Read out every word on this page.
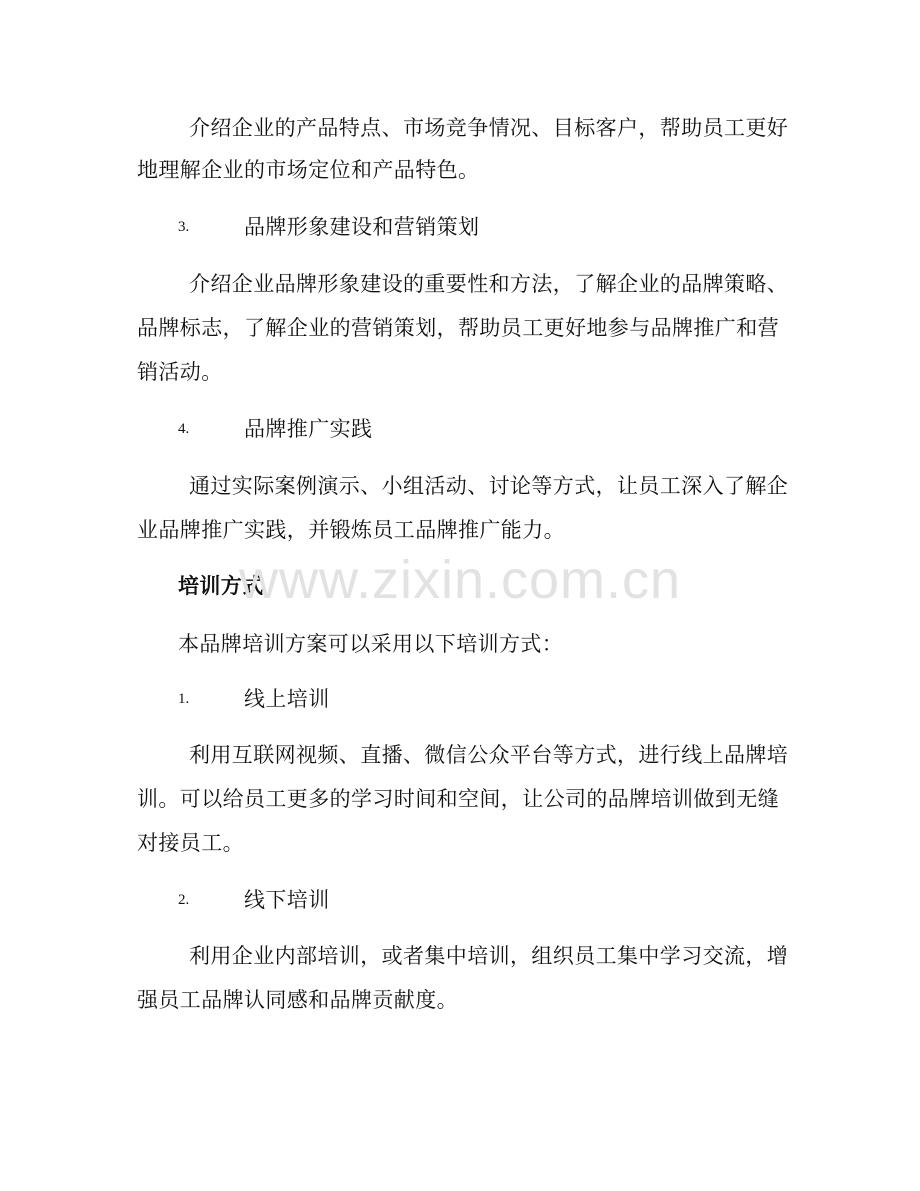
介绍企业的产品特点、市场竞争情况、目标客户，帮助员工更好
地理解企业的市场定位和产品特色。
3.	品牌形象建设和营销策划
介绍企业品牌形象建设的重要性和方法，了解企业的品牌策略、
品牌标志，了解企业的营销策划，帮助员工更好地参与品牌推广和营
销活动。
4.	品牌推广实践
通过实际案例演示、小组活动、讨论等方式，让员工深入了解企
业品牌推广实践，并锻炼员工品牌推广能力。
培训方式
本品牌培训方案可以采用以下培训方式：
1.	线上培训
利用互联网视频、直播、微信公众平台等方式，进行线上品牌培
训。可以给员工更多的学习时间和空间，让公司的品牌培训做到无缝
对接员工。
2.	线下培训
利用企业内部培训，或者集中培训，组织员工集中学习交流，增
强员工品牌认同感和品牌贡献度。
www.zixin.com.cn
